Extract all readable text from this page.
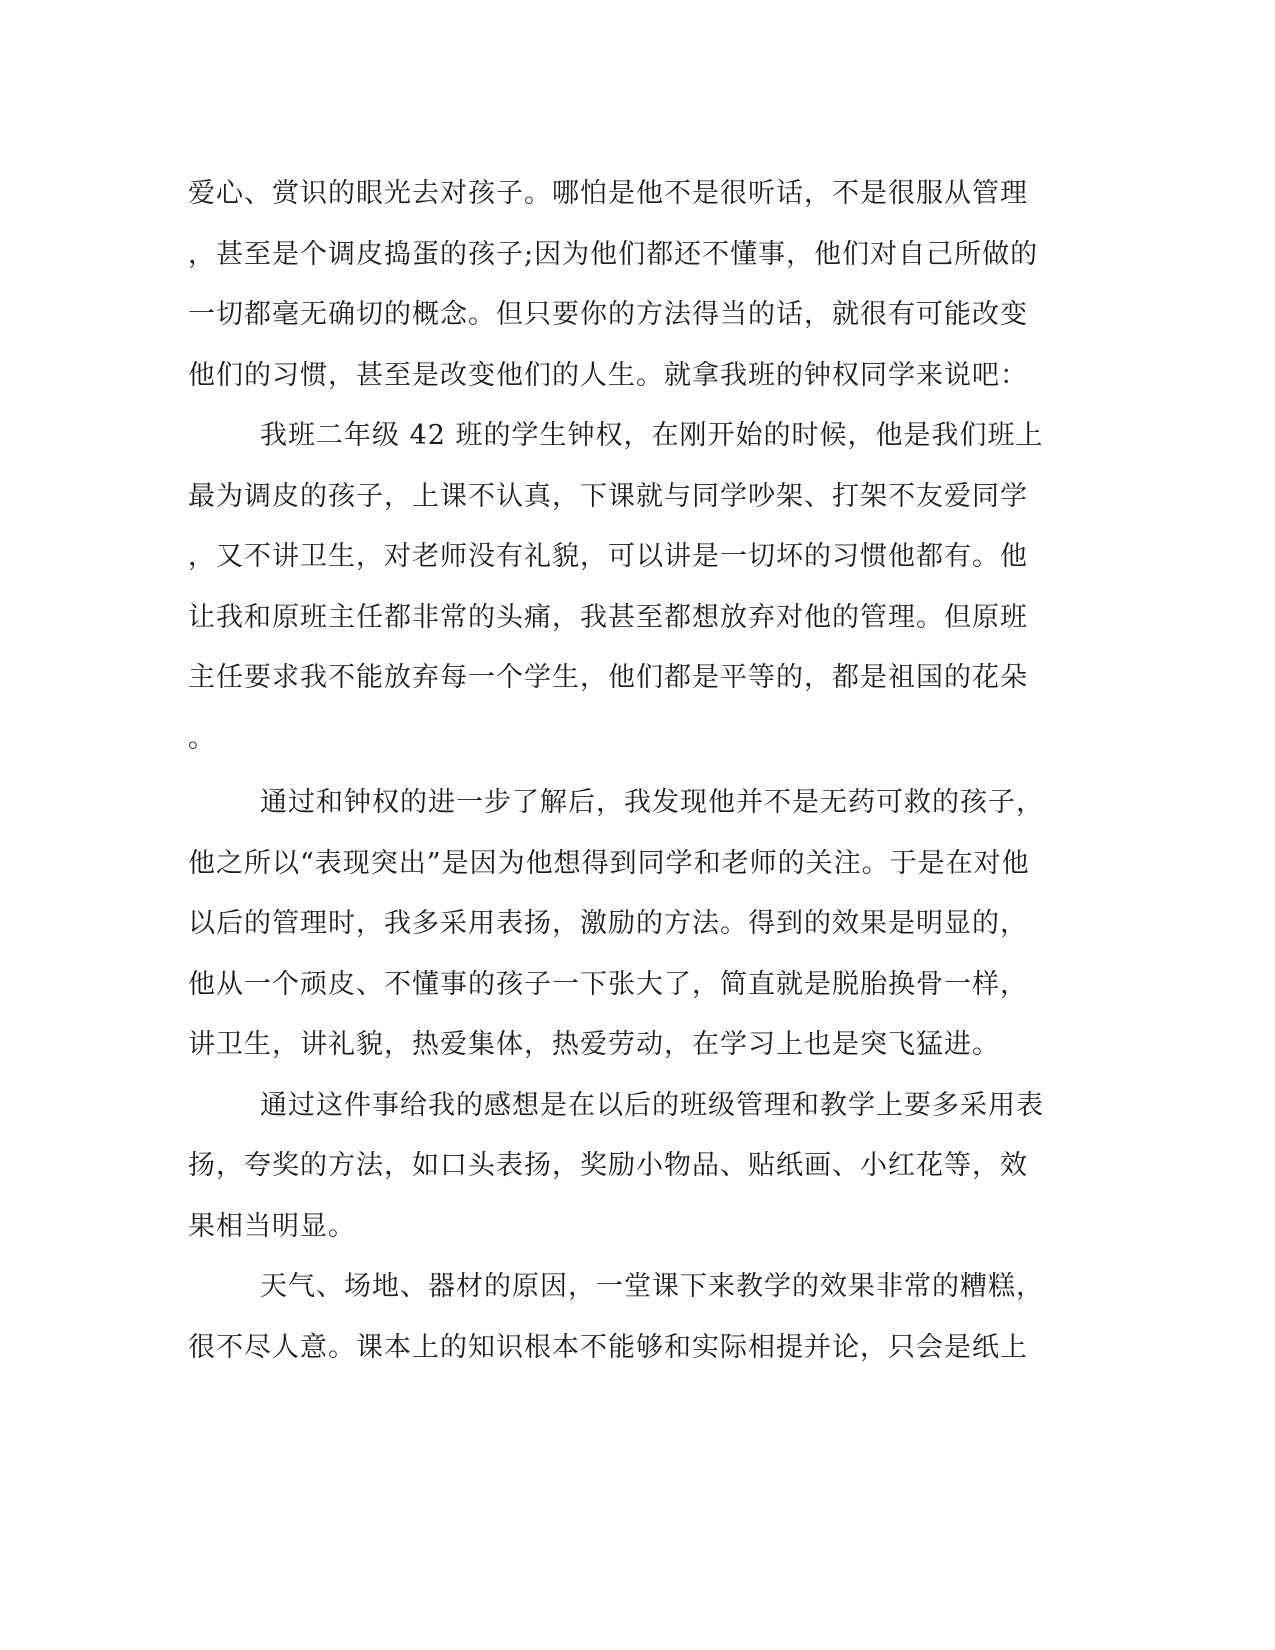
爱心、赏识的眼光去对孩子。哪怕是他不是很听话，不是很服从管理
，甚至是个调皮捣蛋的孩子;因为他们都还不懂事，他们对自己所做的
一切都毫无确切的概念。但只要你的方法得当的话，就很有可能改变
他们的习惯，甚至是改变他们的人生。就拿我班的钟权同学来说吧：
我班二年级 42 班的学生钟权，在刚开始的时候，他是我们班上
最为调皮的孩子，上课不认真，下课就与同学吵架、打架不友爱同学
，又不讲卫生，对老师没有礼貌，可以讲是一切坏的习惯他都有。他
让我和原班主任都非常的头痛，我甚至都想放弃对他的管理。但原班
主任要求我不能放弃每一个学生，他们都是平等的，都是祖国的花朵
。
通过和钟权的进一步了解后，我发现他并不是无药可救的孩子，
他之所以“表现突出”是因为他想得到同学和老师的关注。于是在对他
以后的管理时，我多采用表扬，激励的方法。得到的效果是明显的，
他从一个顽皮、不懂事的孩子一下张大了，简直就是脱胎换骨一样，
讲卫生，讲礼貌，热爱集体，热爱劳动，在学习上也是突飞猛进。
通过这件事给我的感想是在以后的班级管理和教学上要多采用表
扬，夸奖的方法，如口头表扬，奖励小物品、贴纸画、小红花等，效
果相当明显。
天气、场地、器材的原因，一堂课下来教学的效果非常的糟糕，
很不尽人意。课本上的知识根本不能够和实际相提并论，只会是纸上
